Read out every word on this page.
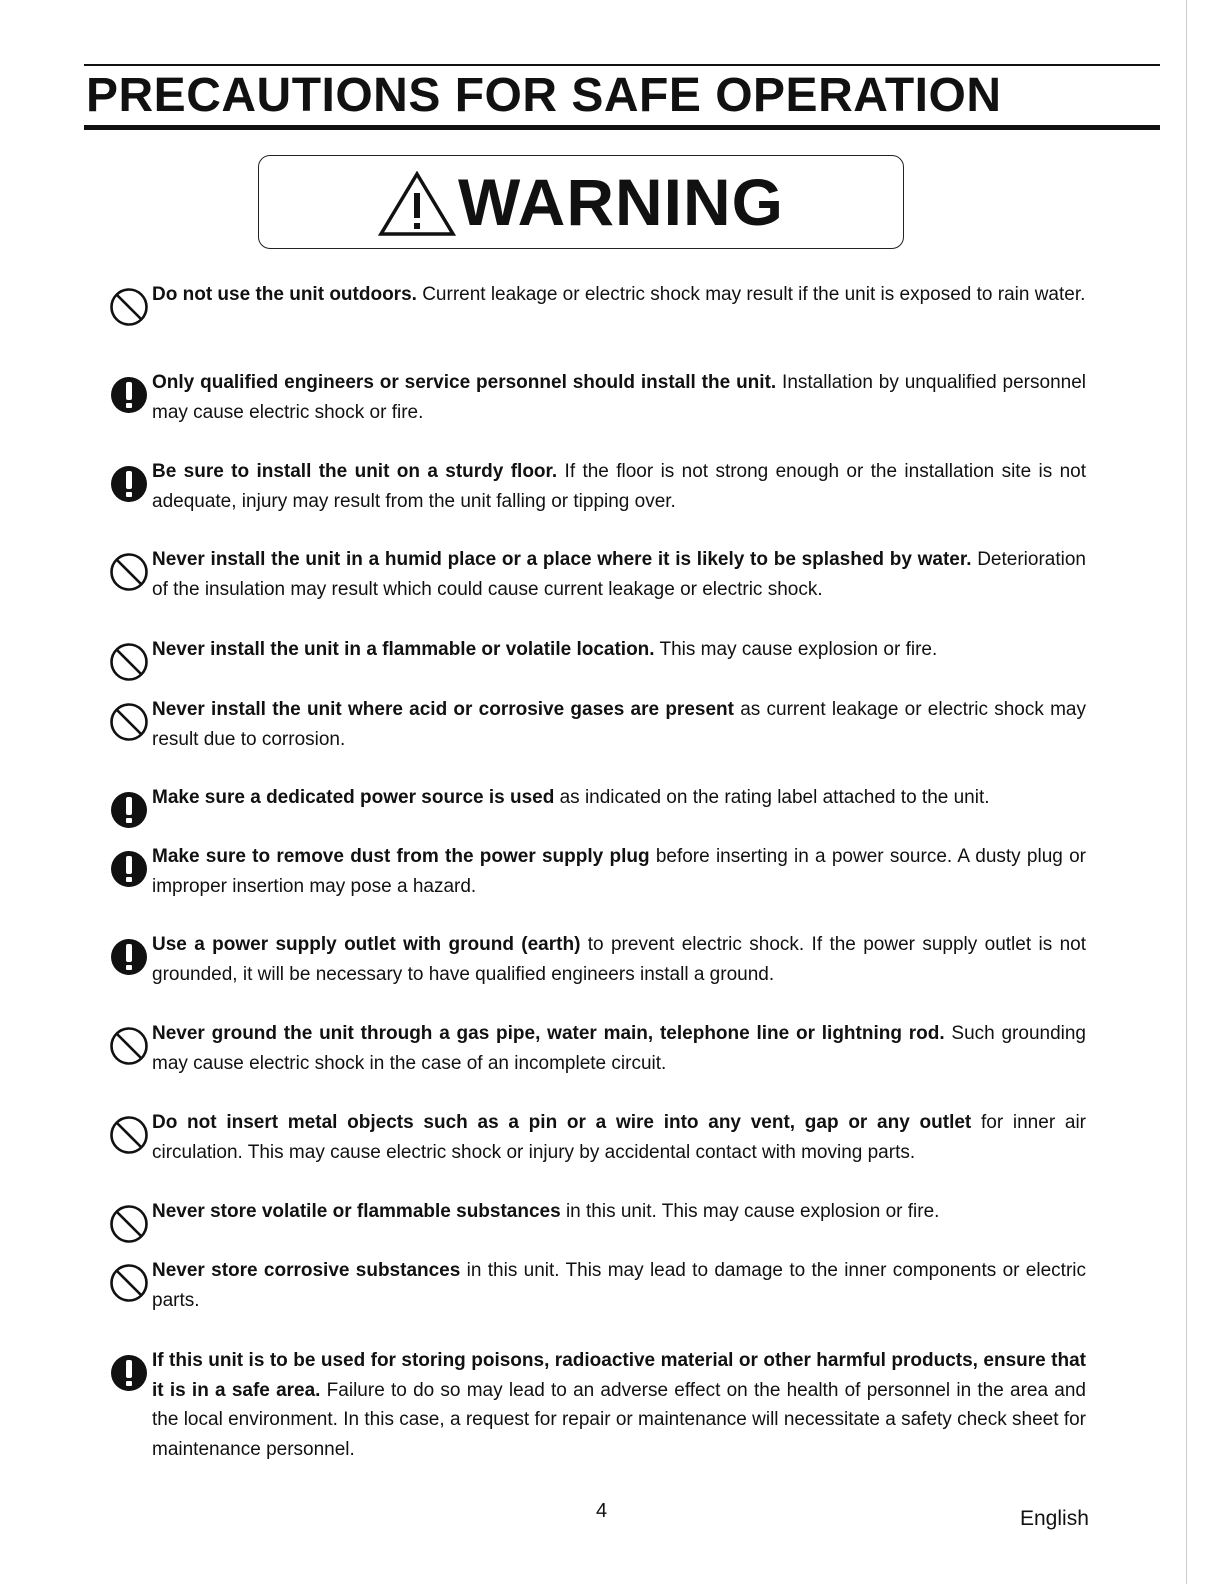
PRECAUTIONS FOR SAFE OPERATION
WARNING
Do not use the unit outdoors. Current leakage or electric shock may result if the unit is exposed to rain water.
Only qualified engineers or service personnel should install the unit. Installation by unqualified personnel may cause electric shock or fire.
Be sure to install the unit on a sturdy floor. If the floor is not strong enough or the installation site is not adequate, injury may result from the unit falling or tipping over.
Never install the unit in a humid place or a place where it is likely to be splashed by water. Deterioration of the insulation may result which could cause current leakage or electric shock.
Never install the unit in a flammable or volatile location. This may cause explosion or fire.
Never install the unit where acid or corrosive gases are present as current leakage or electric shock may result due to corrosion.
Make sure a dedicated power source is used as indicated on the rating label attached to the unit.
Make sure to remove dust from the power supply plug before inserting in a power source. A dusty plug or improper insertion may pose a hazard.
Use a power supply outlet with ground (earth) to prevent electric shock. If the power supply outlet is not grounded, it will be necessary to have qualified engineers install a ground.
Never ground the unit through a gas pipe, water main, telephone line or lightning rod. Such grounding may cause electric shock in the case of an incomplete circuit.
Do not insert metal objects such as a pin or a wire into any vent, gap or any outlet for inner air circulation. This may cause electric shock or injury by accidental contact with moving parts.
Never store volatile or flammable substances in this unit. This may cause explosion or fire.
Never store corrosive substances in this unit. This may lead to damage to the inner components or electric parts.
If this unit is to be used for storing poisons, radioactive material or other harmful products, ensure that it is in a safe area. Failure to do so may lead to an adverse effect on the health of personnel in the area and the local environment. In this case, a request for repair or maintenance will necessitate a safety check sheet for maintenance personnel.
4	English
